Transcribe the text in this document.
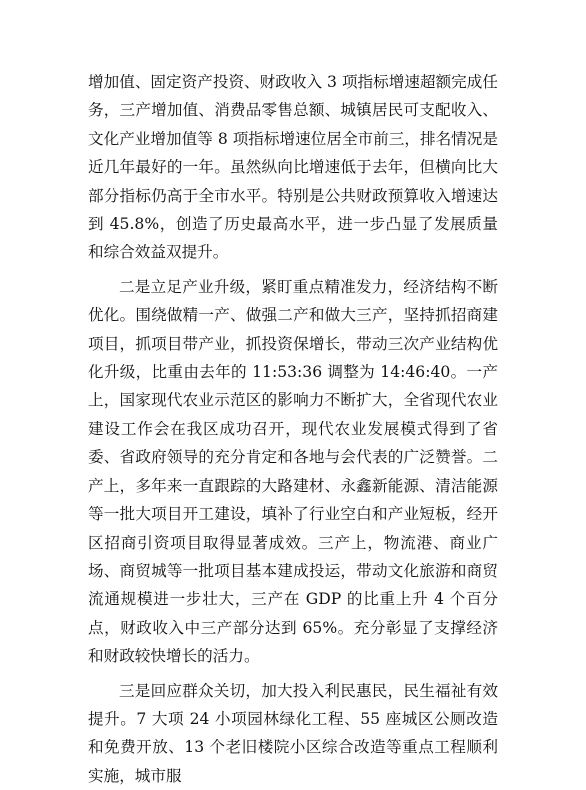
增加值、固定资产投资、财政收入 3 项指标增速超额完成任务，三产增加值、消费品零售总额、城镇居民可支配收入、文化产业增加值等 8 项指标增速位居全市前三，排名情况是近几年最好的一年。虽然纵向比增速低于去年，但横向比大部分指标仍高于全市水平。特别是公共财政预算收入增速达到 45.8%，创造了历史最高水平，进一步凸显了发展质量和综合效益双提升。

二是立足产业升级，紧盯重点精准发力，经济结构不断优化。围绕做精一产、做强二产和做大三产，坚持抓招商建项目，抓项目带产业，抓投资保增长，带动三次产业结构优化升级，比重由去年的 11:53:36 调整为 14:46:40。一产上，国家现代农业示范区的影响力不断扩大，全省现代农业建设工作会在我区成功召开，现代农业发展模式得到了省委、省政府领导的充分肯定和各地与会代表的广泛赞誉。二产上，多年来一直跟踪的大路建材、永鑫新能源、清洁能源等一批大项目开工建设，填补了行业空白和产业短板，经开区招商引资项目取得显著成效。三产上，物流港、商业广场、商贸城等一批项目基本建成投运，带动文化旅游和商贸流通规模进一步壮大，三产在 GDP 的比重上升 4 个百分点，财政收入中三产部分达到 65%。充分彰显了支撑经济和财政较快增长的活力。

三是回应群众关切，加大投入利民惠民，民生福祉有效提升。7 大项 24 小项园林绿化工程、55 座城区公厕改造和免费开放、13 个老旧楼院小区综合改造等重点工程顺利实施，城市服
